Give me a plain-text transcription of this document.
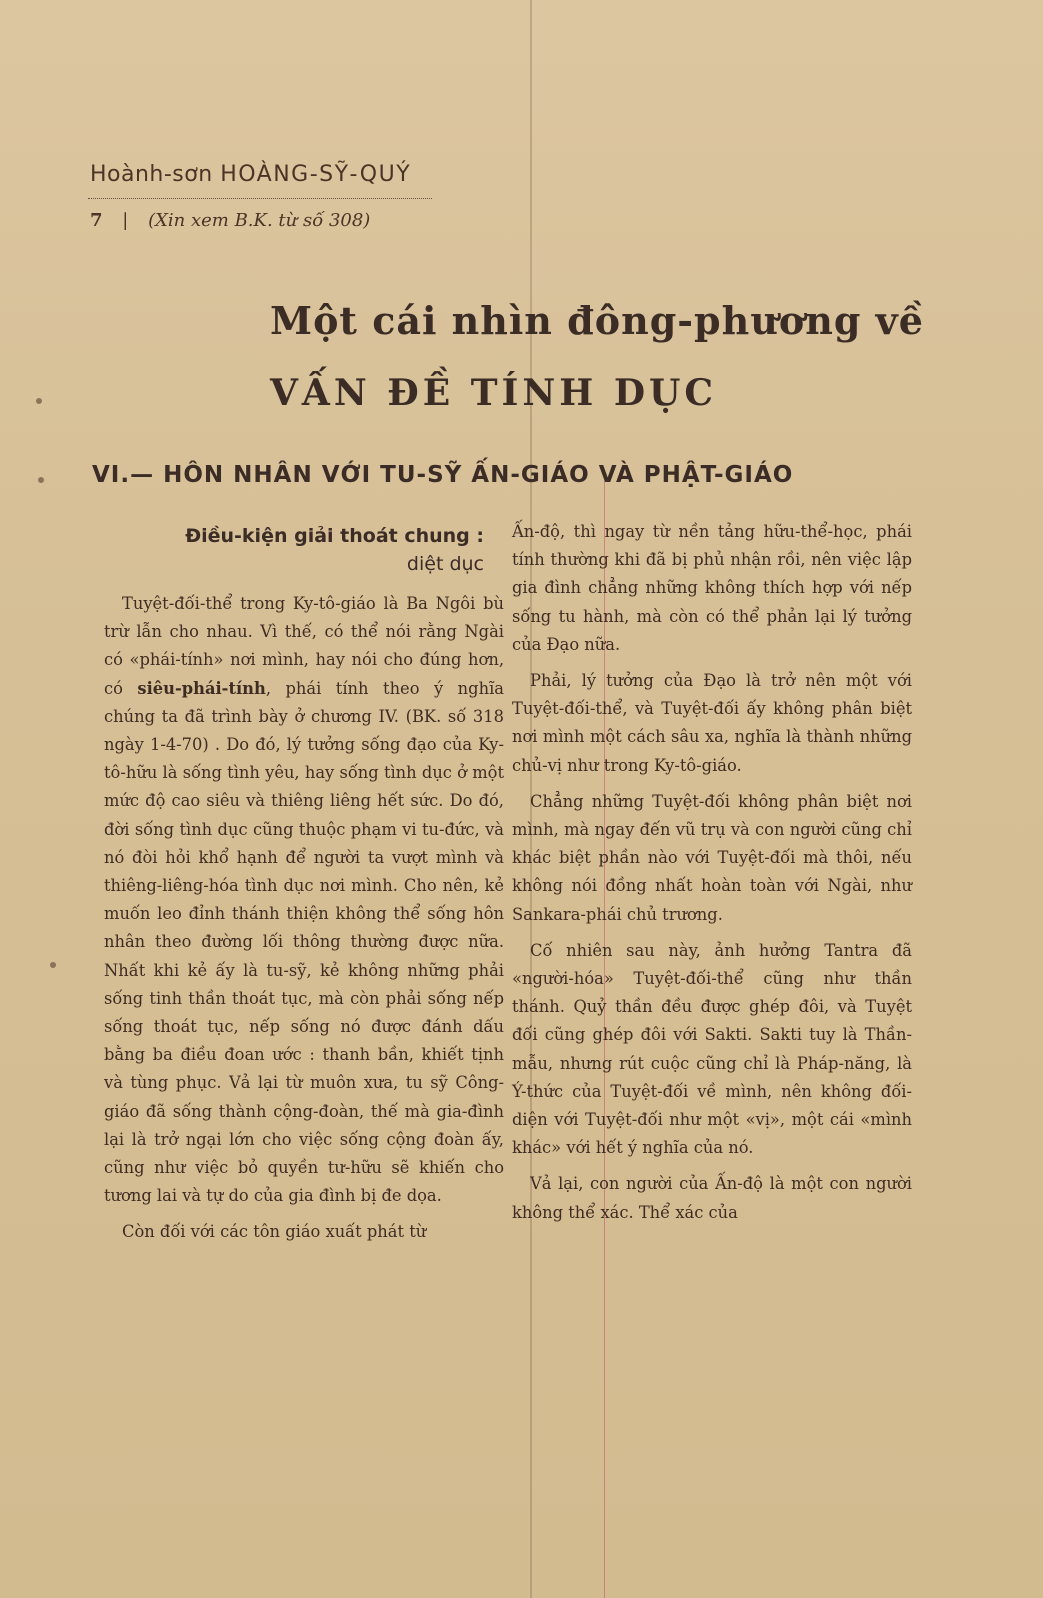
Hoành-sơn HOÀNG-SỸ-QUÝ
7 | (Xin xem B.K. từ số 308)
Một cái nhìn đông-phương về
VẤN ĐỀ TÍNH DỤC
VI.— HÔN NHÂN VỚI TU-SỸ ẤN-GIÁO VÀ PHẬT-GIÁO
Điều-kiện giải thoát chung :
diệt dục

Tuyệt-đối-thể trong Ky-tô-giáo là Ba Ngôi bù trừ lẫn cho nhau. Vì thế, có thể nói rằng Ngài có «phái-tính» nơi mình, hay nói cho đúng hơn, có siêu-phái-tính, phái tính theo ý nghĩa chúng ta đã trình bày ở chương IV. (BK. số 318 ngày 1-4-70) . Do đó, lý tưởng sống đạo của Ky-tô-hữu là sống tình yêu, hay sống tình dục ở một mức độ cao siêu và thiêng liêng hết sức. Do đó, đời sống tình dục cũng thuộc phạm vi tu-đức, và nó đòi hỏi khổ hạnh để người ta vượt mình và thiêng-liêng-hóa tình dục nơi mình. Cho nên, kẻ muốn leo đỉnh thánh thiện không thể sống hôn nhân theo đường lối thông thường được nữa. Nhất khi kẻ ấy là tu-sỹ, kẻ không những phải sống tinh thần thoát tục, mà còn phải sống nếp sống thoát tục, nếp sống nó được đánh dấu bằng ba điều đoan ước : thanh bần, khiết tịnh và tùng phục. Vả lại từ muôn xưa, tu sỹ Công-giáo đã sống thành cộng-đoàn, thế mà gia-đình lại là trở ngại lớn cho việc sống cộng đoàn ấy, cũng như việc bỏ quyền tư-hữu sẽ khiến cho tương lai và tự do của gia đình bị đe dọa.

Còn đối với các tôn giáo xuất phát từ

Ấn-độ, thì ngay từ nền tảng hữu-thể-học, phái tính thường khi đã bị phủ nhận rồi, nên việc lập gia đình chẳng những không thích hợp với nếp sống tu hành, mà còn có thể phản lại lý tưởng của Đạo nữa.

Phải, lý tưởng của Đạo là trở nên một với Tuyệt-đối-thể, và Tuyệt-đối ấy không phân biệt nơi mình một cách sâu xa, nghĩa là thành những chủ-vị như trong Ky-tô-giáo.

Chẳng những Tuyệt-đối không phân biệt nơi mình, mà ngay đến vũ trụ và con người cũng chỉ khác biệt phần nào với Tuyệt-đối mà thôi, nếu không nói đồng nhất hoàn toàn với Ngài, như Sankara-phái chủ trương.

Cố nhiên sau này, ảnh hưởng Tantra đã «người-hóa» Tuyệt-đối-thể cũng như thần thánh. Quỷ thần đều được ghép đôi, và Tuyệt đối cũng ghép đôi với Sakti. Sakti tuy là Thần-mẫu, nhưng rút cuộc cũng chỉ là Pháp-năng, là Ý-thức của Tuyệt-đối về mình, nên không đối-diện với Tuyệt-đối như một «vị», một cái «mình khác» với hết ý nghĩa của nó.

Vả lại, con người của Ấn-độ là một con người không thể xác. Thể xác của
